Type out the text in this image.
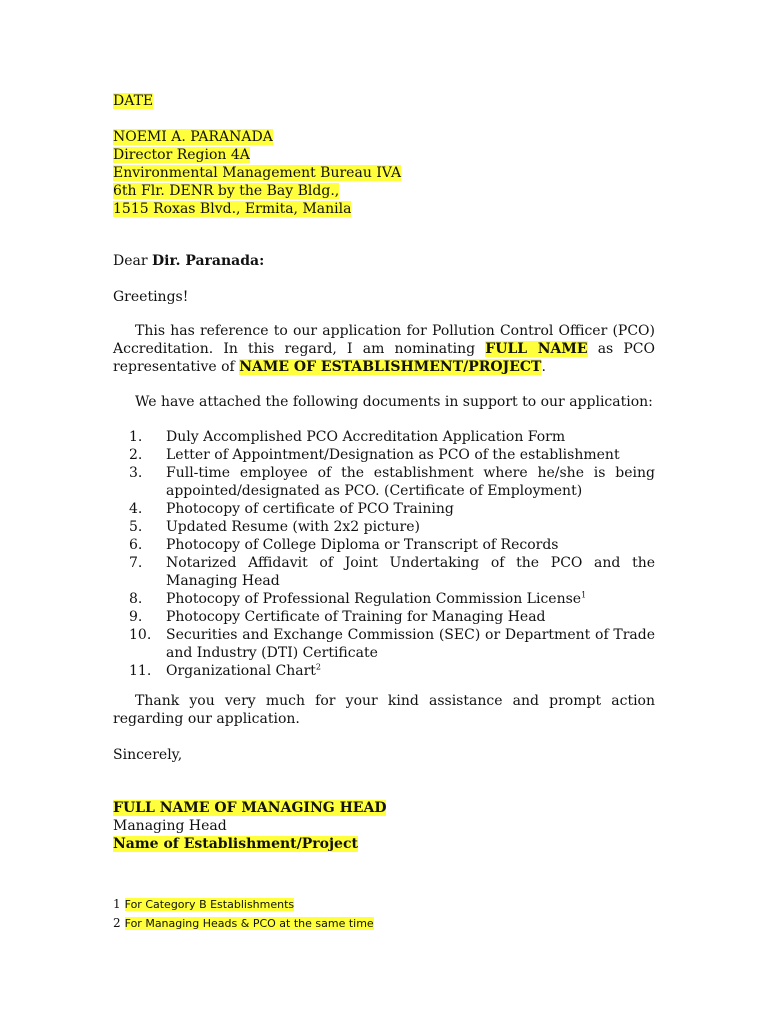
DATE
NOEMI A. PARANADA
Director Region 4A
Environmental Management Bureau IVA
6th Flr. DENR by the Bay Bldg.,
1515 Roxas Blvd., Ermita, Manila
Dear Dir. Paranada:
Greetings!
This has reference to our application for Pollution Control Officer (PCO) Accreditation. In this regard, I am nominating FULL NAME as PCO representative of NAME OF ESTABLISHMENT/PROJECT.
We have attached the following documents in support to our application:
1.	Duly Accomplished PCO Accreditation Application Form
2.	Letter of Appointment/Designation as PCO of the establishment
3.	Full-time employee of the establishment where he/she is being appointed/designated as PCO. (Certificate of Employment)
4.	Photocopy of certificate of PCO Training
5.	Updated Resume (with 2x2 picture)
6.	Photocopy of College Diploma or Transcript of Records
7.	Notarized Affidavit of Joint Undertaking of the PCO and the Managing Head
8.	Photocopy of Professional Regulation Commission License$^1$
9.	Photocopy Certificate of Training for Managing Head
10.	Securities and Exchange Commission (SEC) or Department of Trade and Industry (DTI) Certificate
11.	Organizational Chart$^2$
Thank you very much for your kind assistance and prompt action regarding our application.
Sincerely,
FULL NAME OF MANAGING HEAD
Managing Head
Name of Establishment/Project
1 For Category B Establishments
2 For Managing Heads & PCO at the same time
